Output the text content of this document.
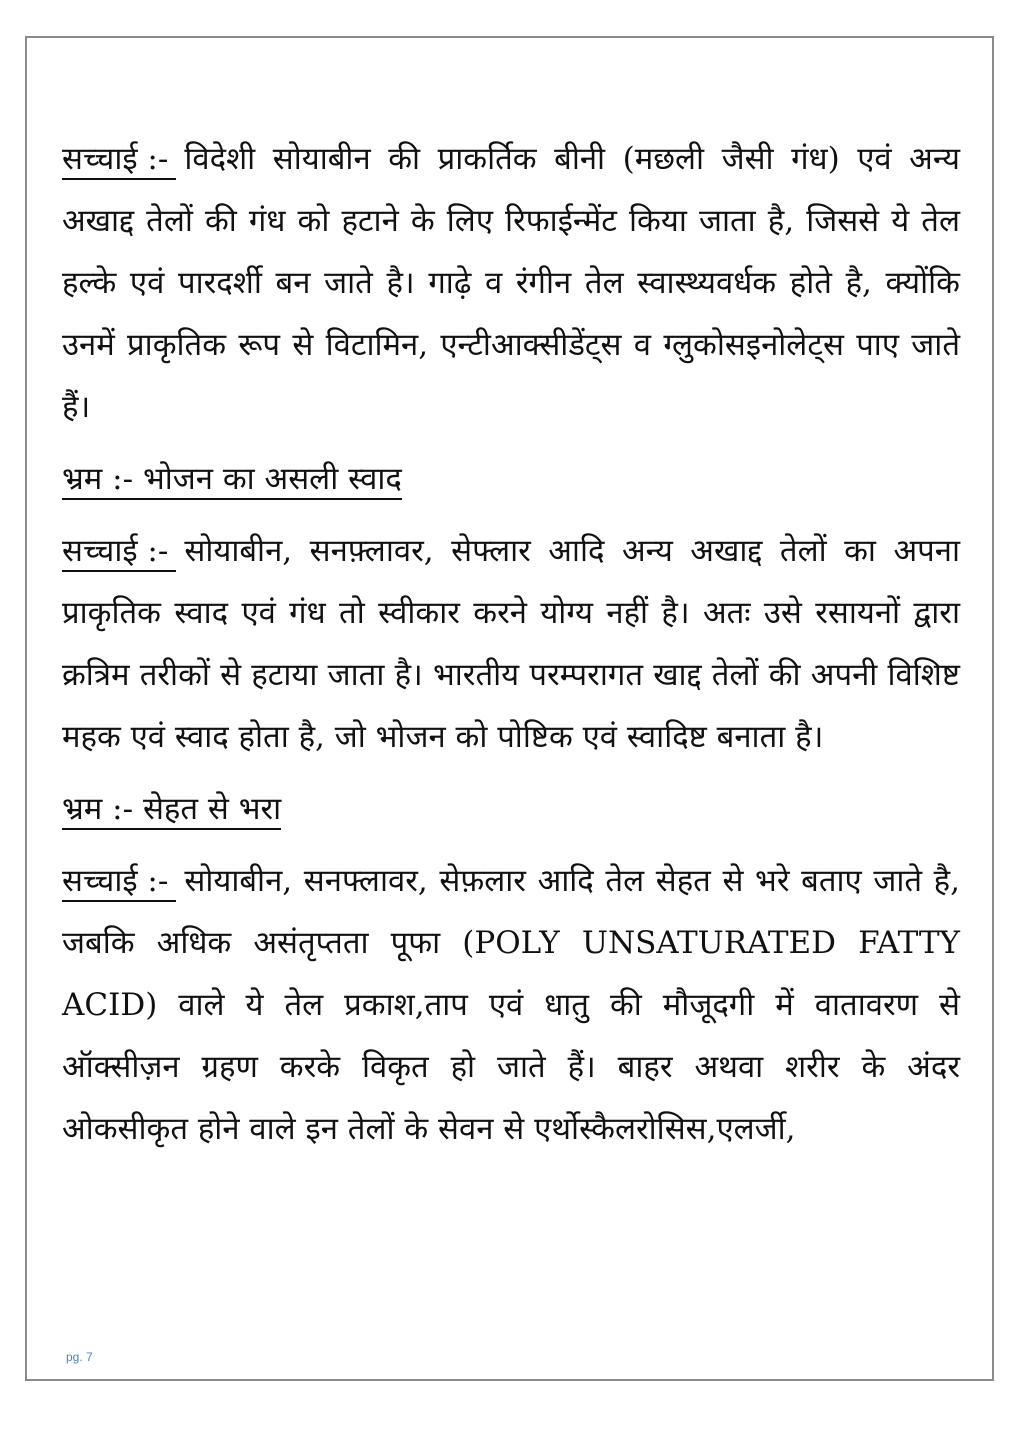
सच्चाई :- विदेशी सोयाबीन की प्राकर्तिक बीनी (मछली जैसी गंध) एवं अन्य अखाद्द तेलों की गंध को हटाने के लिए रिफाईन्मेंट किया जाता है, जिससे ये तेल हल्के एवं पारदर्शी बन जाते है। गाढ़े व रंगीन तेल स्वास्थ्यवर्धक होते है, क्योंकि उनमें प्राकृतिक रूप से विटामिन, एन्टीआक्सीडेंट्स व ग्लुकोसइनोलेट्स पाए जाते हैं।

भ्रम :- भोजन का असली स्वाद

सच्चाई :- सोयाबीन, सनफ़्लावर, सेफ्लार आदि अन्य अखाद्द तेलों का अपना प्राकृतिक स्वाद एवं गंध तो स्वीकार करने योग्य नहीं है। अतः उसे रसायनों द्वारा क्रत्रिम तरीकों से हटाया जाता है। भारतीय परम्परागत खाद्द तेलों की अपनी विशिष्ट महक एवं स्वाद होता है, जो भोजन को पोष्टिक एवं स्वादिष्ट बनाता है।

भ्रम :- सेहत से भरा

सच्चाई :- सोयाबीन, सनफ्लावर, सेफ़लार आदि तेल सेहत से भरे बताए जाते है, जबकि अधिक असंतृप्तता पूफा (POLY UNSATURATED FATTY ACID) वाले ये तेल प्रकाश,ताप एवं धातु की मौजूदगी में वातावरण से ऑक्सीज़न ग्रहण करके विकृत हो जाते हैं। बाहर अथवा शरीर के अंदर ओकसीकृत होने वाले इन तेलों के सेवन से एर्थोस्कैलरोसिस,एलर्जी,

pg. 7
